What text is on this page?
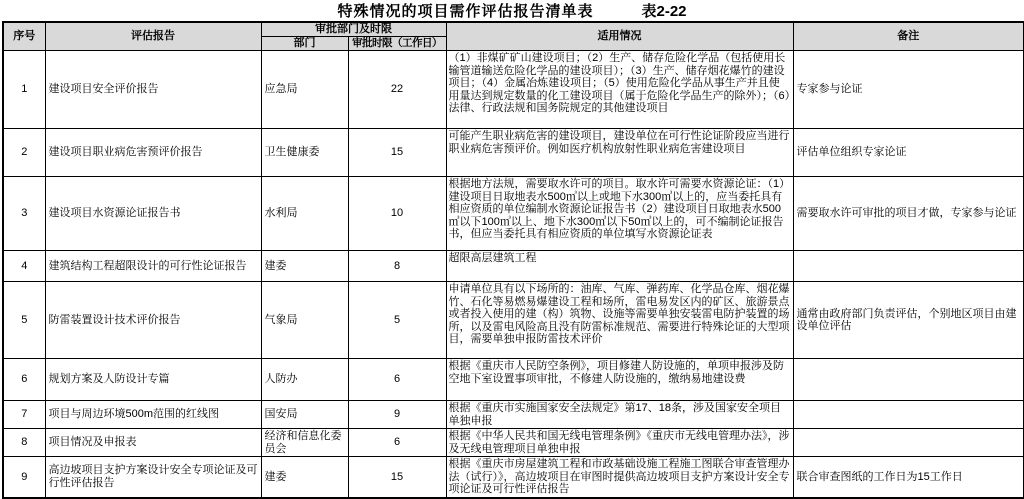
特殊情况的项目需作评估报告清单表	表2-22
序号	评估报告	审批部门及时限		适用情况	备注
		部门	审批时限（工作日）		
1	建设项目安全评价报告	应急局	22	（1）非煤矿矿山建设项目；（2）生产、储存危险化学品（包括使用长输管道输送危险化学品的建设项目）；（3）生产、储存烟花爆竹的建设项目；（4）金属冶炼建设项目；（5）使用危险化学品从事生产并且使用量达到规定数量的化工建设项目（属于危险化学品生产的除外）；（6）法律、行政法规和国务院规定的其他建设项目	专家参与论证
2	建设项目职业病危害预评价报告	卫生健康委	15	可能产生职业病危害的建设项目，建设单位在可行性论证阶段应当进行职业病危害预评价。例如医疗机构放射性职业病危害建设项目	评估单位组织专家论证
3	建设项目水资源论证报告书	水利局	10	根据地方法规，需要取水许可的项目。取水许可需要水资源论证：（1）建设项目日取地表水500㎥以上或地下水300㎥以上的，应当委托具有相应资质的单位编制水资源论证报告书（2）建设项目日取地表水500㎥以下100㎥以上、地下水300㎥以下50㎥以上的，可不编制论证报告书，但应当委托具有相应资质的单位填写水资源论证表	需要取水许可审批的项目才做，专家参与论证
4	建筑结构工程超限设计的可行性论证报告	建委	8	超限高层建筑工程	
5	防雷装置设计技术评价报告	气象局	5	申请单位具有以下场所的：油库、气库、弹药库、化学品仓库、烟花爆竹、石化等易燃易爆建设工程和场所，雷电易发区内的矿区、旅游景点或者投入使用的建（构）筑物、设施等需要单独安装雷电防护装置的场所，以及雷电风险高且没有防雷标准规范、需要进行特殊论证的大型项目，需要单独申报防雷技术评价	通常由政府部门负责评估，个别地区项目由建设单位评估
6	规划方案及人防设计专篇	人防办	6	根据《重庆市人民防空条例》，项目修建人防设施的，单项申报涉及防空地下室设置事项审批，不修建人防设施的，缴纳易地建设费	
7	项目与周边环境500m范围的红线图	国安局	9	根据《重庆市实施国家安全法规定》第17、18条，涉及国家安全项目单独申报	
8	项目情况及申报表	经济和信息化委员会	6	根据《中华人民共和国无线电管理条例》《重庆市无线电管理办法》，涉及无线电管理项目单独申报	
9	高边坡项目支护方案设计安全专项论证及可行性评估报告	建委	15	根据《重庆市房屋建筑工程和市政基础设施工程施工图联合审查管理办法（试行）》，高边坡项目在审图时提供高边坡项目支护方案设计安全专项论证及可行性评估报告	联合审查图纸的工作日为15工作日
